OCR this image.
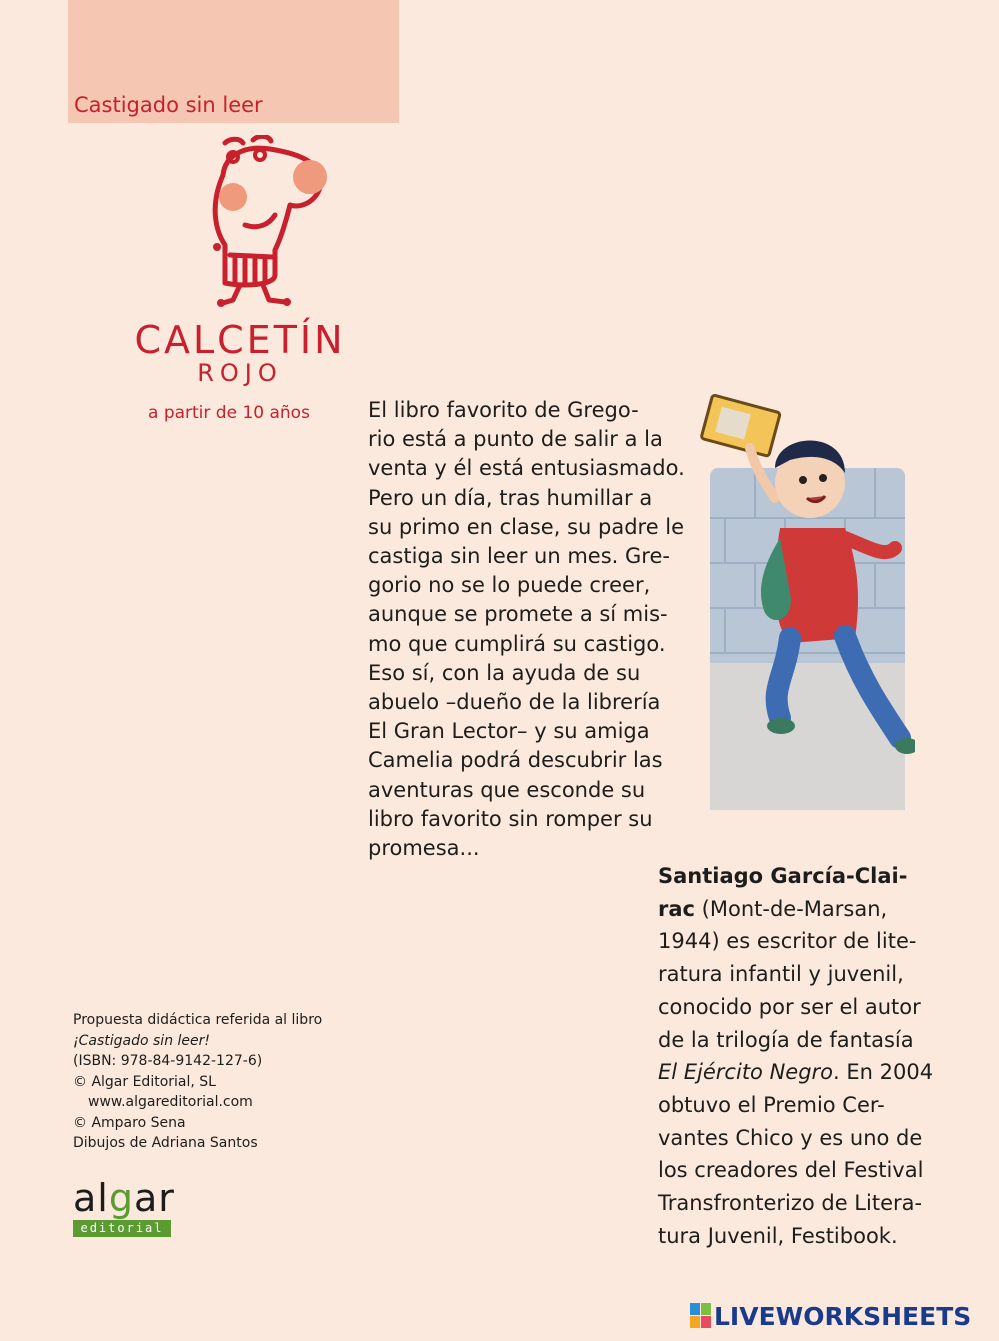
Castigado sin leer
CALCETÍN
ROJO
a partir de 10 años	El libro favorito de Grego-
rio está a punto de salir a la
venta y él está entusiasmado.
Pero un día, tras humillar a
su primo en clase, su padre le
castiga sin leer un mes. Gre-
gorio no se lo puede creer,
aunque se promete a sí mis-
mo que cumplirá su castigo.
Eso sí, con la ayuda de su
abuelo –dueño de la librería
El Gran Lector– y su amiga
Camelia podrá descubrir las
aventuras que esconde su
libro favorito sin romper su
promesa...
Santiago García-Clai-
rac (Mont-de-Marsan,
1944) es escritor de lite-
ratura infantil y juvenil,
conocido por ser el autor
de la trilogía de fantasía
El Ejército Negro. En 2004
obtuvo el Premio Cer-
vantes Chico y es uno de
los creadores del Festival
Transfronterizo de Litera-
tura Juvenil, Festibook.
Propuesta didáctica referida al libro
¡Castigado sin leer!
(ISBN: 978-84-9142-127-6)
© Algar Editorial, SL
www.algareditorial.com
© Amparo Sena
Dibujos de Adriana Santos
algar
editorial
LIVEWORKSHEETS
